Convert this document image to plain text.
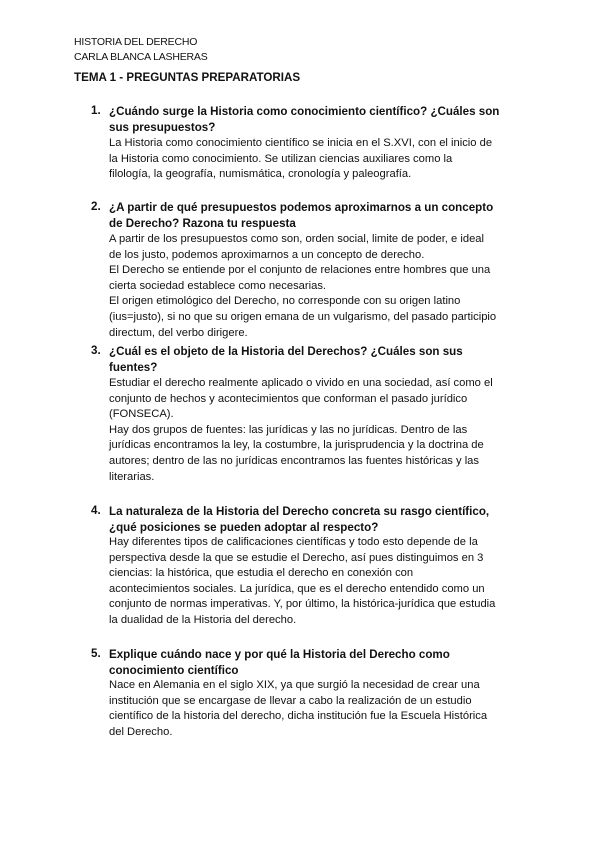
HISTORIA DEL DERECHO
CARLA BLANCA LASHERAS
TEMA 1 - PREGUNTAS PREPARATORIAS
1. ¿Cuándo surge la Historia como conocimiento científico? ¿Cuáles son
sus presupuestos?

La Historia como conocimiento científico se inicia en el S.XVI, con el inicio de

la Historia como conocimiento. Se utilizan ciencias auxiliares como la

filología, la geografía, numismática, cronología y paleografía.

2. ¿A partir de qué presupuestos podemos aproximarnos a un concepto
de Derecho? Razona tu respuesta

A partir de los presupuestos como son, orden social, limite de poder, e ideal

de los justo, podemos aproximarnos a un concepto de derecho.

El Derecho se entiende por el conjunto de relaciones entre hombres que una

cierta sociedad establece como necesarias.

El origen etimológico del Derecho, no corresponde con su origen latino

(ius=justo), si no que su origen emana de un vulgarismo, del pasado participio

directum, del verbo dirigere.

3. ¿Cuál es el objeto de la Historia del Derechos? ¿Cuáles son sus
fuentes?

Estudiar el derecho realmente aplicado o vivido en una sociedad, así como el

conjunto de hechos y acontecimientos que conforman el pasado jurídico

(FONSECA).

Hay dos grupos de fuentes: las jurídicas y las no jurídicas. Dentro de las

jurídicas encontramos la ley, la costumbre, la jurisprudencia y la doctrina de

autores; dentro de las no jurídicas encontramos las fuentes históricas y las

literarias.

4. La naturaleza de la Historia del Derecho concreta su rasgo científico,
¿qué posiciones se pueden adoptar al respecto?

Hay diferentes tipos de calificaciones científicas y todo esto depende de la

perspectiva desde la que se estudie el Derecho, así pues distinguimos en 3

ciencias: la histórica, que estudia el derecho en conexión con

acontecimientos sociales. La jurídica, que es el derecho entendido como un

conjunto de normas imperativas. Y, por último, la histórica-jurídica que estudia

la dualidad de la Historia del derecho.

5. Explique cuándo nace y por qué la Historia del Derecho como
conocimiento científico

Nace en Alemania en el siglo XIX, ya que surgió la necesidad de crear una

institución que se encargase de llevar a cabo la realización de un estudio

científico de la historia del derecho, dicha institución fue la Escuela Histórica

del Derecho.
